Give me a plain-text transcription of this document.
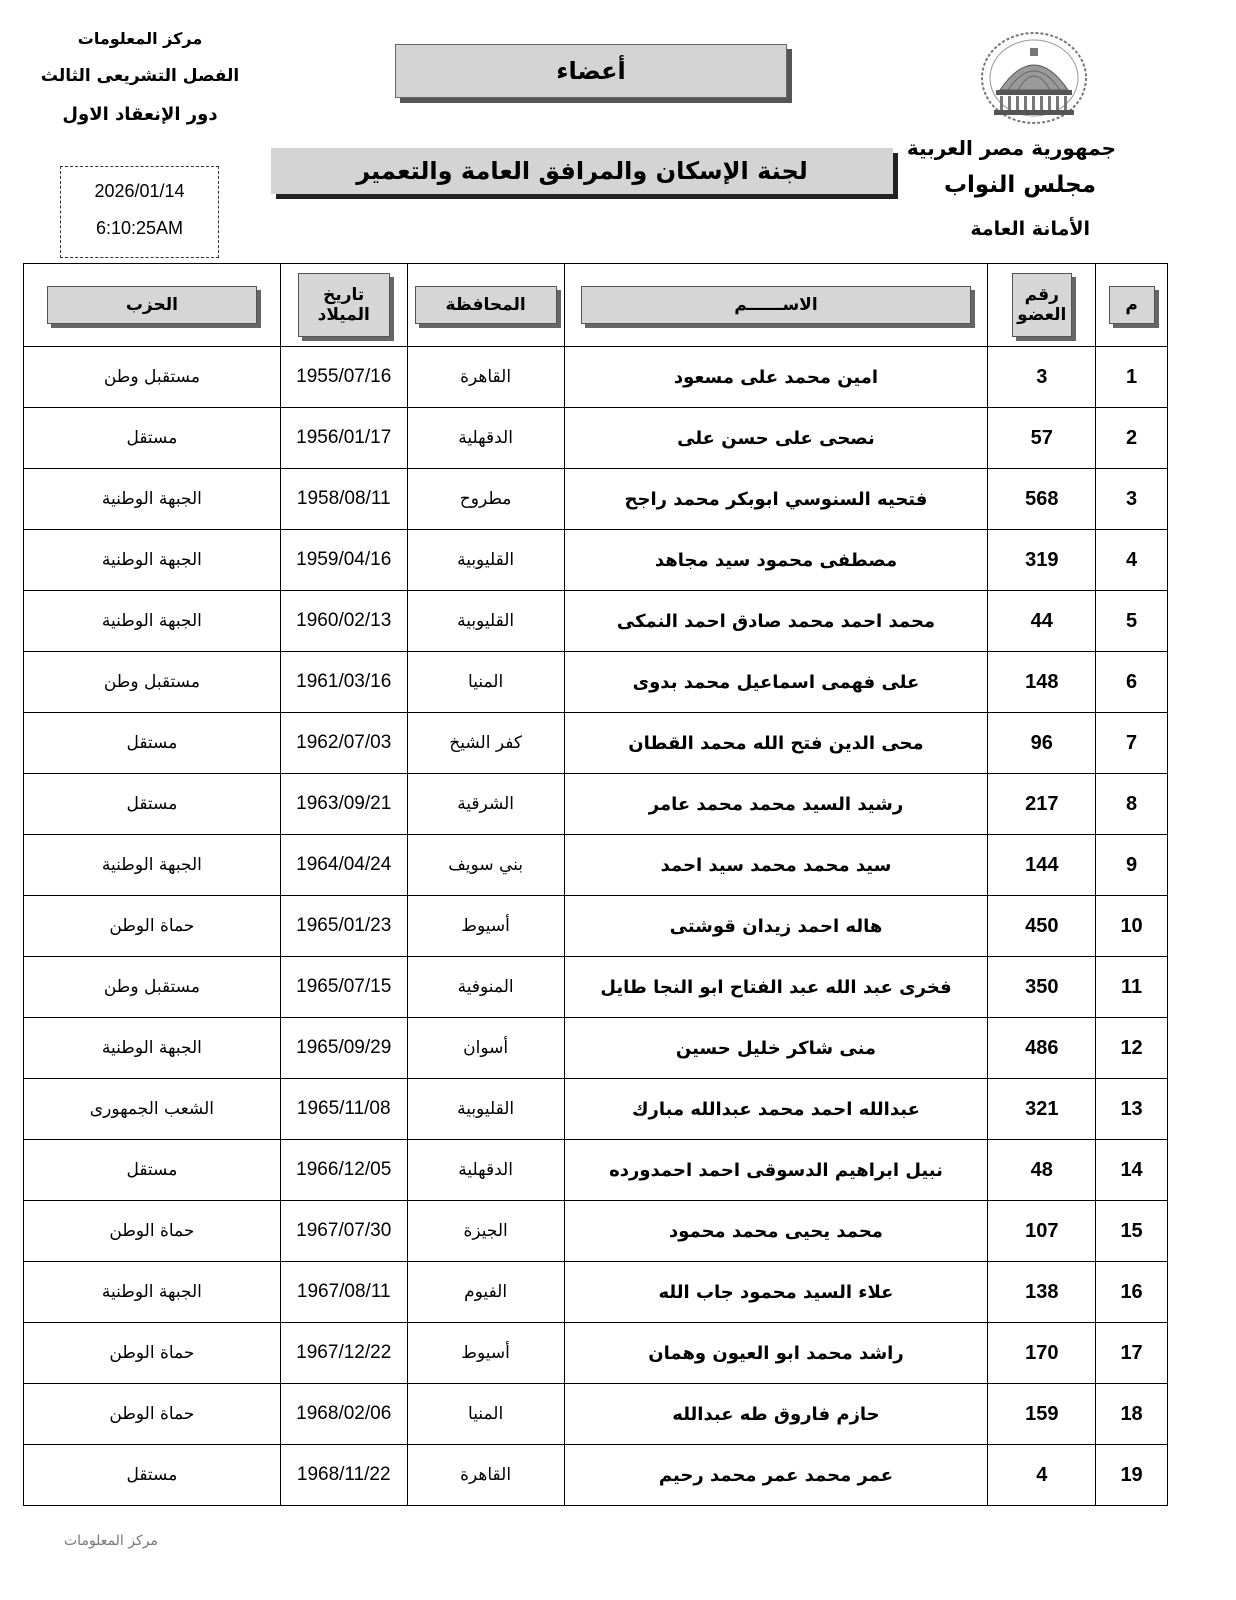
جمهورية مصر العربية
مجلس النواب
الأمانة العامة
مركز المعلومات
الفصل التشريعى الثالث
دور الإنعقاد الاول
أعضاء
لجنة الإسكان والمرافق العامة والتعمير
2026/01/14
6:10:25AM
م	رقم العضو	الاســــــم	المحافظة	تاريخ الميلاد	الحزب
1	3	امين محمد على مسعود	القاهرة	1955/07/16	مستقبل وطن
2	57	نصحى على حسن على	الدقهلية	1956/01/17	مستقل
3	568	فتحيه السنوسي ابوبكر محمد راجح	مطروح	1958/08/11	الجبهة الوطنية
4	319	مصطفى محمود سيد مجاهد	القليوبية	1959/04/16	الجبهة الوطنية
5	44	محمد احمد محمد صادق احمد النمكى	القليوبية	1960/02/13	الجبهة الوطنية
6	148	على فهمى اسماعيل محمد بدوى	المنيا	1961/03/16	مستقبل وطن
7	96	محى الدين فتح الله محمد القطان	كفر الشيخ	1962/07/03	مستقل
8	217	رشيد السيد محمد محمد عامر	الشرقية	1963/09/21	مستقل
9	144	سيد محمد محمد سيد احمد	بني سويف	1964/04/24	الجبهة الوطنية
10	450	هاله احمد زيدان قوشتى	أسيوط	1965/01/23	حماة الوطن
11	350	فخرى عبد الله عبد الفتاح ابو النجا طايل	المنوفية	1965/07/15	مستقبل وطن
12	486	منى شاكر خليل حسين	أسوان	1965/09/29	الجبهة الوطنية
13	321	عبدالله احمد محمد عبدالله مبارك	القليوبية	1965/11/08	الشعب الجمهورى
14	48	نبيل ابراهيم الدسوقى احمد احمدورده	الدقهلية	1966/12/05	مستقل
15	107	محمد يحيى محمد محمود	الجيزة	1967/07/30	حماة الوطن
16	138	علاء السيد محمود جاب الله	الفيوم	1967/08/11	الجبهة الوطنية
17	170	راشد محمد ابو العيون وهمان	أسيوط	1967/12/22	حماة الوطن
18	159	حازم فاروق طه عبدالله	المنيا	1968/02/06	حماة الوطن
19	4	عمر محمد عمر محمد رحيم	القاهرة	1968/11/22	مستقل
مركز المعلومات
